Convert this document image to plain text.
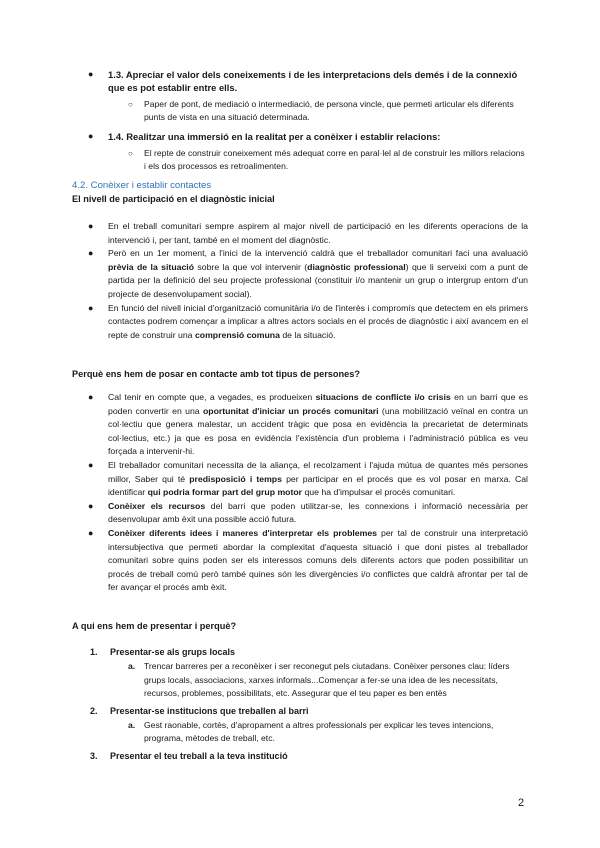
● 1.3. Apreciar el valor dels coneixements i de les interpretacions dels demés i de la connexió que es pot establir entre ells.
○ Paper de pont, de mediació o intermediació, de persona vincle, que permeti articular els diferents punts de vista en una situació determinada.
● 1.4. Realitzar una immersió en la realitat per a conèixer i establir relacions:
○ El repte de construir coneixement més adequat corre en paral·lel al de construir les millors relacions i els dos processos es retroalimenten.
4.2. Conèixer i establir contactes
El nivell de participació en el diagnòstic inicial
● En el treball comunitari sempre aspirem al major nivell de participació en les diferents operacions de la intervenció i, per tant, també en el moment del diagnòstic.
● Però en un 1er moment, a l'inici de la intervenció caldrà que el treballador comunitari faci una avaluació prèvia de la situació sobre la que vol intervenir (diagnòstic professional) que li serveixi com a punt de partida per la definició del seu projecte professional (constituir i/o mantenir un grup o intergrup entorn d'un projecte de desenvolupament social).
● En funció del nivell inicial d'organització comunitària i/o de l'interès i compromís que detectem en els primers contactes podrem començar a implicar a altres actors socials en el procés de diagnòstic i així avancem en el repte de construir una comprensió comuna de la situació.
Perquè ens hem de posar en contacte amb tot tipus de persones?
● Cal tenir en compte que, a vegades, es produeixen situacions de conflicte i/o crisis en un barri que es poden convertir en una oportunitat d'iniciar un procés comunitari (una mobilització veïnal en contra un col·lectiu que genera malestar, un accident tràgic que posa en evidència la precarietat de determinats col·lectius, etc.) ja que es posa en evidència l'existència d'un problema i l'administració pública es veu forçada a intervenir-hi.
● El treballador comunitari necessita de la aliança, el recolzament i l'ajuda mútua de quantes més persones millor, Saber qui té predisposició i temps per participar en el procés que es vol posar en marxa. Cal identificar qui podria formar part del grup motor que ha d'impulsar el procés comunitari.
● Conèixer els recursos del barri que poden utilitzar-se, les connexions i informació necessària per desenvolupar amb èxit una possible acció futura.
● Conèixer diferents idees i maneres d'interpretar els problemes per tal de construir una interpretació intersubjectiva que permeti abordar la complexitat d'aquesta situació i que doni pistes al treballador comunitari sobre quins poden ser els interessos comuns dels diferents actors que poden possibilitar un procés de treball comú però també quines són les divergències i/o conflictes que caldrà afrontar per tal de fer avançar el procés amb èxit.
A qui ens hem de presentar i perquè?
1. Presentar-se als grups locals
a. Trencar barreres per a reconèixer i ser reconegut pels ciutadans. Conèixer persones clau: líders grups locals, associacions, xarxes informals...Començar a fer-se una idea de les necessitats, recursos, problemes, possibilitats, etc. Assegurar que el teu paper es ben entès
2. Presentar-se institucions que treballen al barri
a. Gest raonable, cortès, d'apropament a altres professionals per explicar les teves intencions, programa, mètodes de treball, etc.
3. Presentar el teu treball a la teva institució
2
